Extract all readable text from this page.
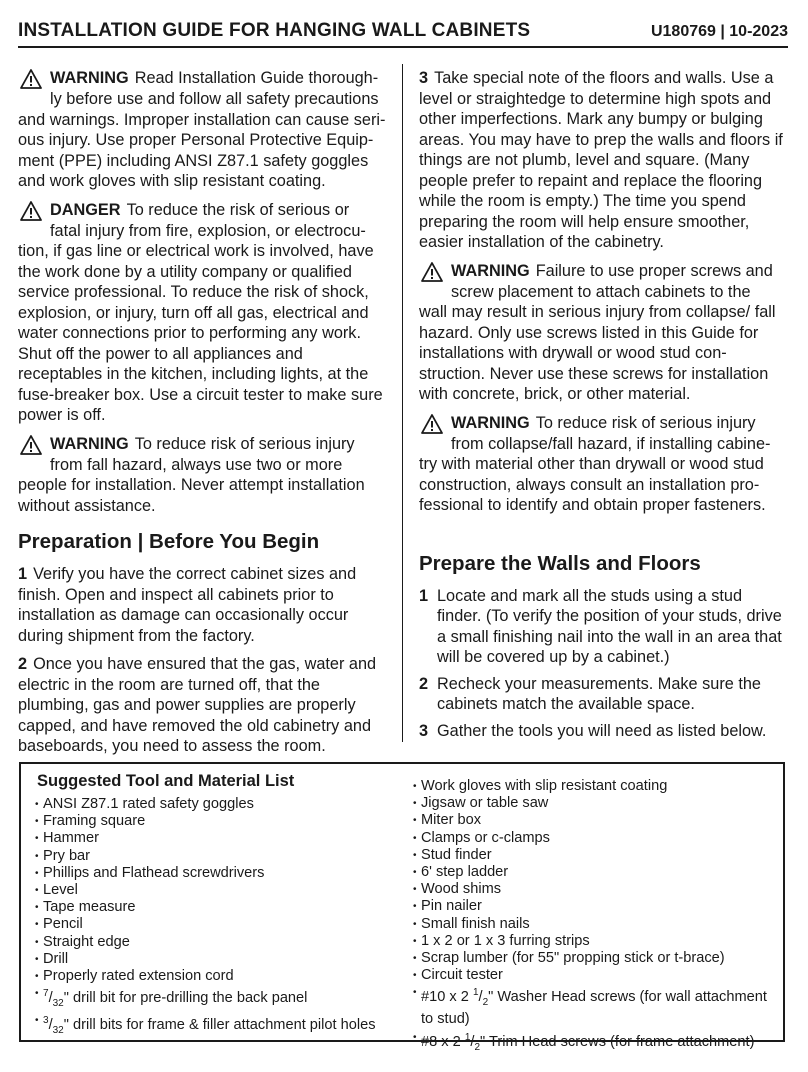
INSTALLATION GUIDE FOR HANGING WALL CABINETS	U180769 | 10-2023
WARNING Read Installation Guide thorough-
ly before use and follow all safety precautions
and warnings. Improper installation can cause seri-ous injury. Use proper Personal Protective Equip-ment (PPE) including ANSI Z87.1 safety goggles and work gloves with slip resistant coating.
DANGER To reduce the risk of serious or
fatal injury from fire, explosion, or electrocu-
tion, if gas line or electrical work is involved, have the work done by a utility company or qualified service professional. To reduce the risk of shock, explosion, or injury, turn off all gas, electrical and water connections prior to performing any work. Shut off the power to all appliances and receptables in the kitchen, including lights, at the fuse-breaker box. Use a circuit tester to make sure power is off.
WARNING To reduce risk of serious injury
from fall hazard, always use two or more
people for installation. Never attempt installation without assistance.
Preparation | Before You Begin

1 Verify you have the correct cabinet sizes and finish. Open and inspect all cabinets prior to installation as damage can occasionally occur during shipment from the factory.

2 Once you have ensured that the gas, water and electric in the room are turned off, that the plumbing, gas and power supplies are properly capped, and have removed the old cabinetry and baseboards, you need to assess the room.

3 Take special note of the floors and walls. Use a level or straightedge to determine high spots and other imperfections. Mark any bumpy or bulging areas. You may have to prep the walls and floors if things are not plumb, level and square. (Many people prefer to repaint and replace the flooring while the room is empty.) The time you spend preparing the room will help ensure smoother, easier installation of the cabinetry.

WARNING Failure to use proper screws and
screw placement to attach cabinets to the
wall may result in serious injury from collapse/ fall hazard. Only use screws listed in this Guide for installations with drywall or wood stud con-struction. Never use these screws for installation with concrete, brick, or other material.
WARNING To reduce risk of serious injury
from collapse/fall hazard, if installing cabine-
try with material other than drywall or wood stud construction, always consult an installation pro-fessional to identify and obtain proper fasteners.
Prepare the Walls and Floors
1 Locate and mark all the studs using a stud finder. (To verify the position of your studs, drive a small finishing nail into the wall in an area that will be covered up by a cabinet.)
2 Recheck your measurements. Make sure the cabinets match the available space.
3 Gather the tools you will need as listed below.
Suggested Tool and Material List
• ANSI Z87.1 rated safety goggles
• Framing square
• Hammer
• Pry bar
• Phillips and Flathead screwdrivers
• Level
• Tape measure
• Pencil
• Straight edge
• Drill
• Properly rated extension cord
• $^7/_{32}$" drill bit for pre-drilling the back panel
• $^3/_{32}$" drill bits for frame & filler attachment pilot holes
• Work gloves with slip resistant coating
• Jigsaw or table saw
• Miter box
• Clamps or c-clamps
• Stud finder
• 6' step ladder
• Wood shims
• Pin nailer
• Small finish nails
• 1 x 2 or 1 x 3 furring strips
• Scrap lumber (for 55" propping stick or t-brace)
• Circuit tester
• #10 x 2 $^1/_2$" Washer Head screws (for wall attachment to stud)
• #8 x 2 $^1/_2$" Trim Head screws (for frame attachment)
